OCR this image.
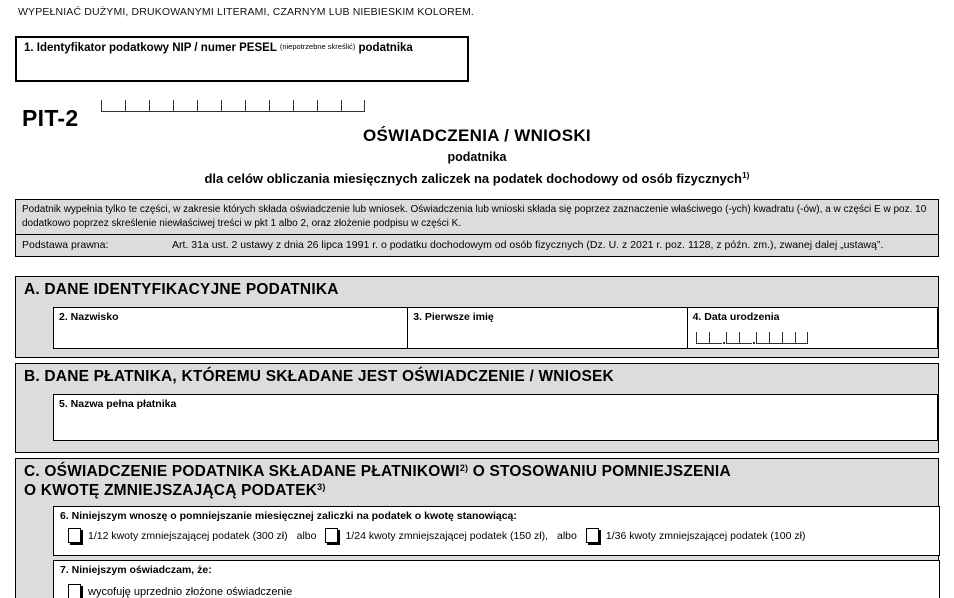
WYPEŁNIAĆ DUŻYMI, DRUKOWANYMI LITERAMI, CZARNYM LUB NIEBIESKIM KOLOREM.
1. Identyfikator podatkowy NIP / numer PESEL $^{(niepotrzebne skreślić)}$ podatnika
PIT-2
OŚWIADCZENIA / WNIOSKI
podatnika
dla celów obliczania miesięcznych zaliczek na podatek dochodowy od osób fizycznych$^{1)}$
Podatnik wypełnia tylko te części, w zakresie których składa oświadczenie lub wniosek. Oświadczenia lub wnioski składa się poprzez zaznaczenie właściwego (-ych) kwadratu (-ów), a w części E w poz. 10 dodatkowo poprzez skreślenie niewłaściwej treści w pkt 1 albo 2, oraz złożenie podpisu w części K.
Podstawa prawna:	Art. 31a ust. 2 ustawy z dnia 26 lipca 1991 r. o podatku dochodowym od osób fizycznych (Dz. U. z 2021 r. poz. 1128, z późn. zm.), zwanej dalej „ustawą”.
A. DANE IDENTYFIKACYJNE PODATNIKA
2. Nazwisko	3. Pierwsze imię	4. Data urodzenia
B. DANE PŁATNIKA, KTÓREMU SKŁADANE JEST OŚWIADCZENIE / WNIOSEK
5. Nazwa pełna płatnika
C. OŚWIADCZENIE PODATNIKA SKŁADANE PŁATNIKOWI$^{2)}$ O STOSOWANIU POMNIEJSZENIA
O KWOTĘ ZMNIEJSZAJĄCĄ PODATEK$^{3)}$
6. Niniejszym wnoszę o pomniejszanie miesięcznej zaliczki na podatek o kwotę stanowiącą:
1/12 kwoty zmniejszającej podatek (300 zł) albo	1/24 kwoty zmniejszającej podatek (150 zł), albo	1/36 kwoty zmniejszającej podatek (100 zł)
7. Niniejszym oświadczam, że:
wycofuję uprzednio złożone oświadczenie
